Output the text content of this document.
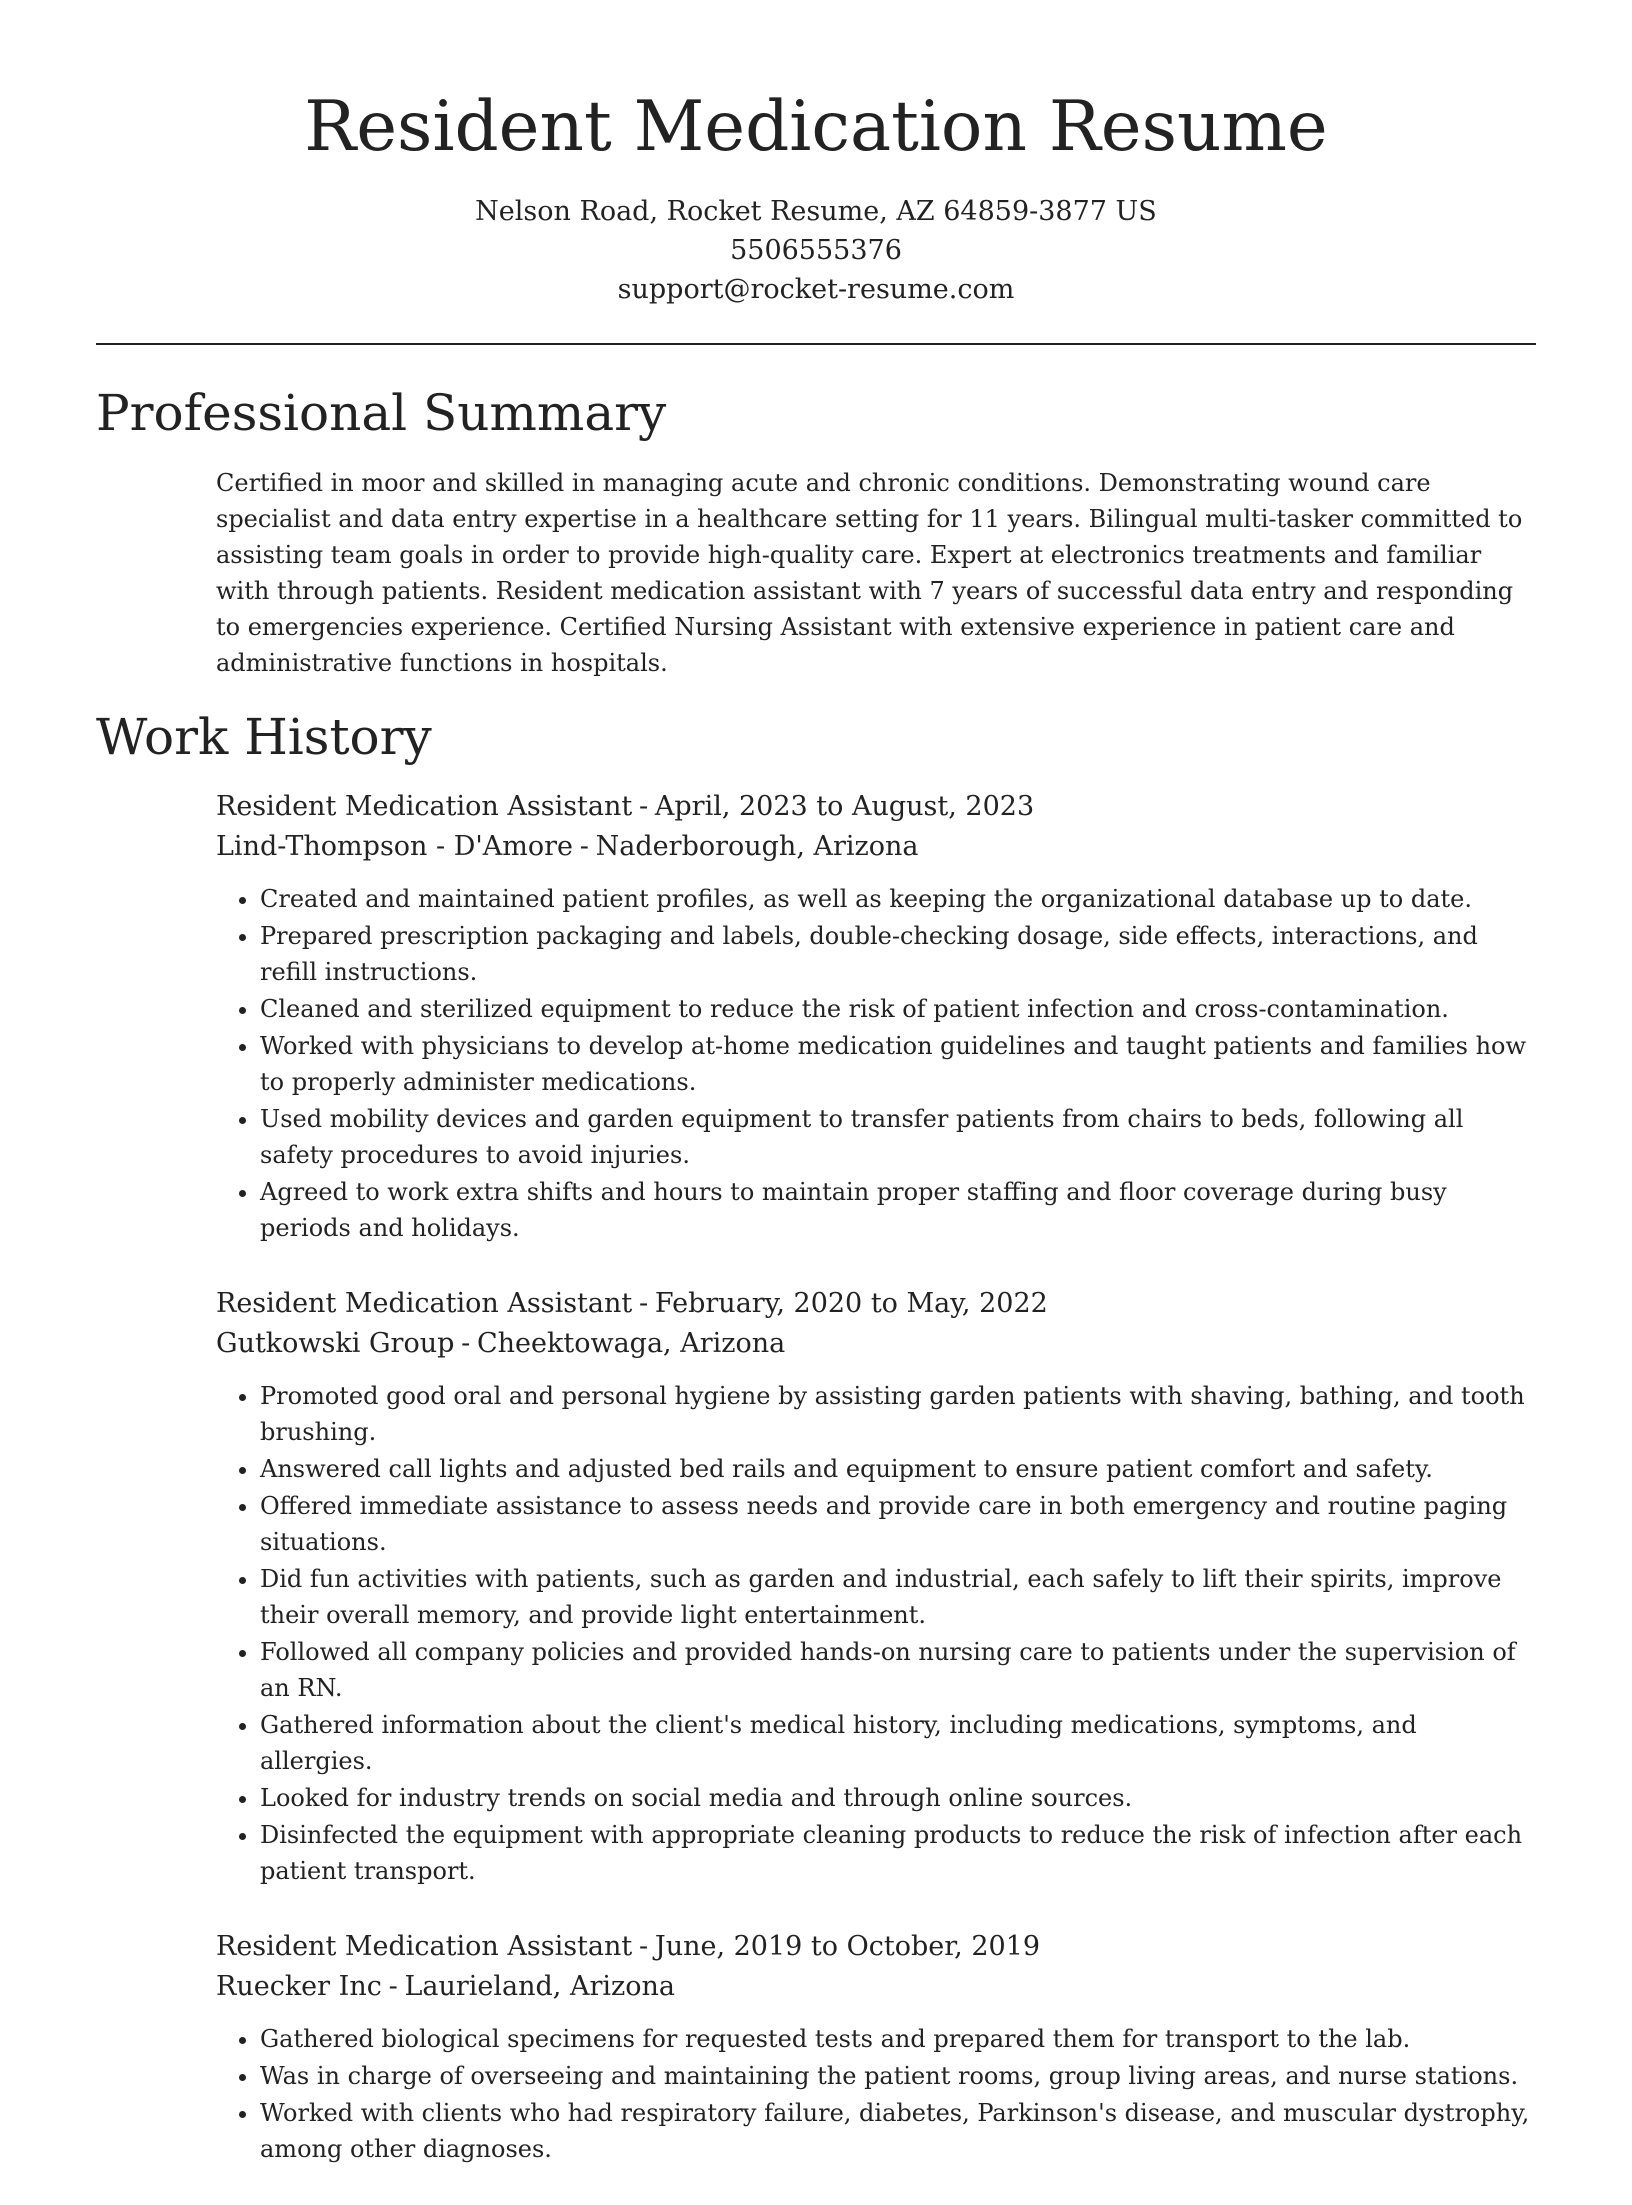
Resident Medication Resume
Nelson Road, Rocket Resume, AZ 64859-3877 US
5506555376
support@rocket-resume.com
Professional Summary

Certified in moor and skilled in managing acute and chronic conditions. Demonstrating wound care specialist and data entry expertise in a healthcare setting for 11 years. Bilingual multi-tasker committed to assisting team goals in order to provide high-quality care. Expert at electronics treatments and familiar with through patients. Resident medication assistant with 7 years of successful data entry and responding to emergencies experience. Certified Nursing Assistant with extensive experience in patient care and administrative functions in hospitals.

Work History
Resident Medication Assistant - April, 2023 to August, 2023
Lind-Thompson - D'Amore - Naderborough, Arizona
• Created and maintained patient profiles, as well as keeping the organizational database up to date.
• Prepared prescription packaging and labels, double-checking dosage, side effects, interactions, and refill instructions.
• Cleaned and sterilized equipment to reduce the risk of patient infection and cross-contamination.
• Worked with physicians to develop at-home medication guidelines and taught patients and families how to properly administer medications.
• Used mobility devices and garden equipment to transfer patients from chairs to beds, following all safety procedures to avoid injuries.
• Agreed to work extra shifts and hours to maintain proper staffing and floor coverage during busy periods and holidays.
Resident Medication Assistant - February, 2020 to May, 2022
Gutkowski Group - Cheektowaga, Arizona
• Promoted good oral and personal hygiene by assisting garden patients with shaving, bathing, and tooth brushing.
• Answered call lights and adjusted bed rails and equipment to ensure patient comfort and safety.
• Offered immediate assistance to assess needs and provide care in both emergency and routine paging situations.
• Did fun activities with patients, such as garden and industrial, each safely to lift their spirits, improve their overall memory, and provide light entertainment.
• Followed all company policies and provided hands-on nursing care to patients under the supervision of an RN.
• Gathered information about the client's medical history, including medications, symptoms, and allergies.
• Looked for industry trends on social media and through online sources.
• Disinfected the equipment with appropriate cleaning products to reduce the risk of infection after each patient transport.
Resident Medication Assistant - June, 2019 to October, 2019
Ruecker Inc - Laurieland, Arizona
• Gathered biological specimens for requested tests and prepared them for transport to the lab.
• Was in charge of overseeing and maintaining the patient rooms, group living areas, and nurse stations.
• Worked with clients who had respiratory failure, diabetes, Parkinson's disease, and muscular dystrophy, among other diagnoses.
